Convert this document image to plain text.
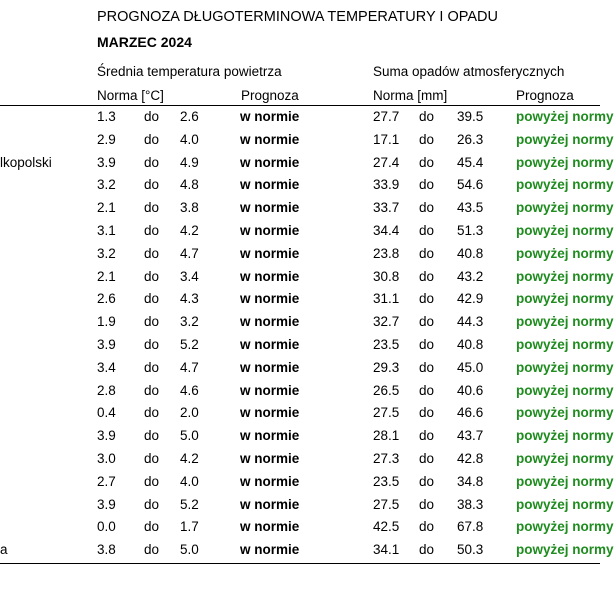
PROGNOZA DŁUGOTERMINOWA TEMPERATURY I OPADU
MARZEC 2024
Średnia temperatura powietrza	Suma opadów atmosferycznych
Norma [°C]	Prognoza	Norma [mm]	Prognoza
1.3 do 2.6	w normie	27.7 do 39.5 powyżej normy
2.9 do 4.0	w normie	17.1 do 26.3 powyżej normy
lkopolski	3.9 do 4.9	w normie	27.4 do 45.4 powyżej normy
3.2 do 4.8	w normie	33.9 do 54.6 powyżej normy
2.1 do 3.8	w normie	33.7 do 43.5 powyżej normy
3.1 do 4.2	w normie	34.4 do 51.3 powyżej normy
3.2 do 4.7	w normie	23.8 do 40.8 powyżej normy
2.1 do 3.4	w normie	30.8 do 43.2 powyżej normy
2.6 do 4.3	w normie	31.1 do 42.9 powyżej normy
1.9 do 3.2	w normie	32.7 do 44.3 powyżej normy
3.9 do 5.2	w normie	23.5 do 40.8 powyżej normy
3.4 do 4.7	w normie	29.3 do 45.0 powyżej normy
2.8 do 4.6	w normie	26.5 do 40.6 powyżej normy
0.4 do 2.0	w normie	27.5 do 46.6 powyżej normy
3.9 do 5.0	w normie	28.1 do 43.7 powyżej normy
3.0 do 4.2	w normie	27.3 do 42.8 powyżej normy
2.7 do 4.0	w normie	23.5 do 34.8 powyżej normy
3.9 do 5.2	w normie	27.5 do 38.3 powyżej normy
0.0 do 1.7	w normie	42.5 do 67.8 powyżej normy
a	3.8 do 5.0	w normie	34.1 do 50.3 powyżej normy
